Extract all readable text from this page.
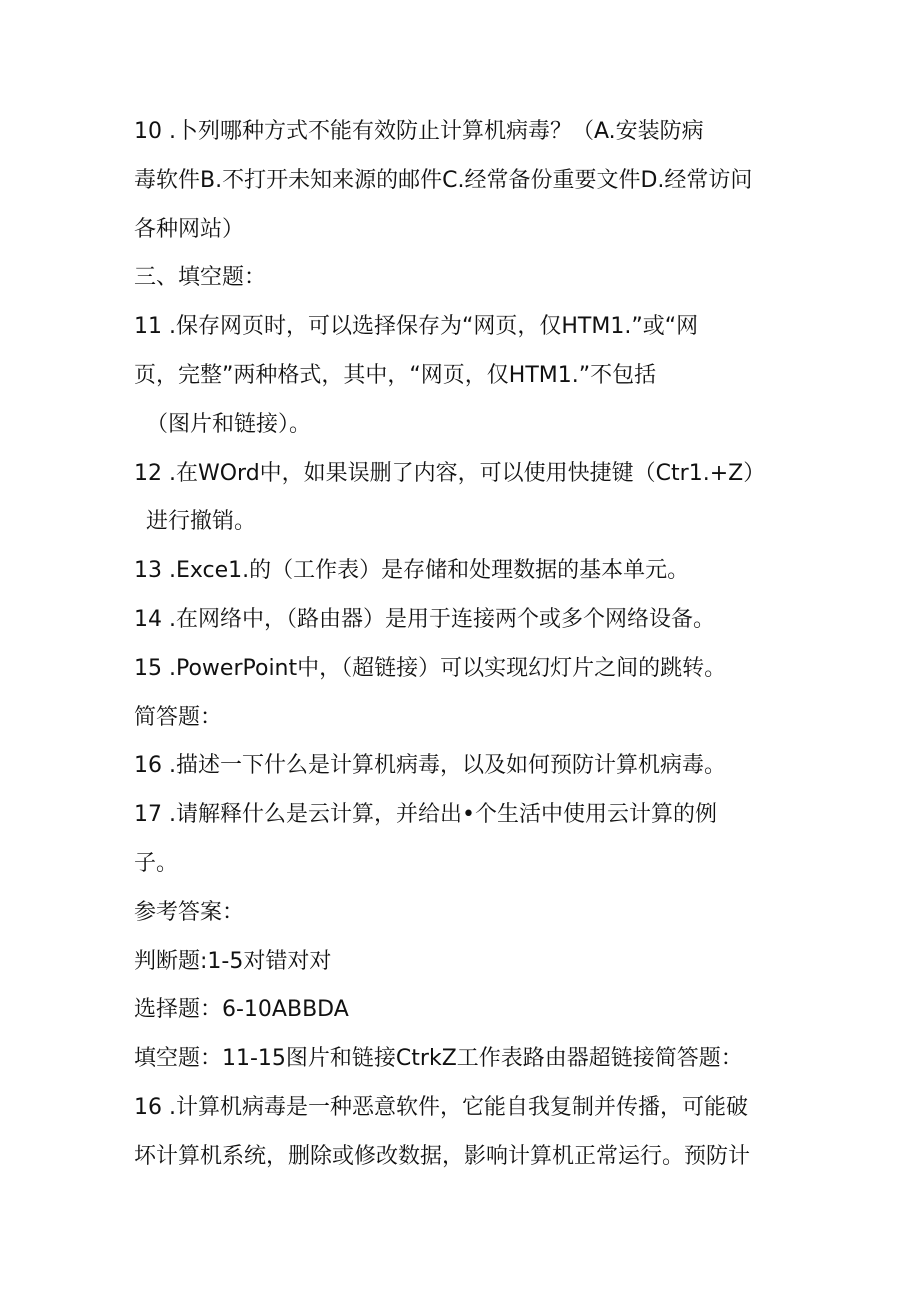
10 .卜列哪种方式不能有效防止计算机病毒？（A.安装防病
毒软件B.不打开未知来源的邮件C.经常备份重要文件D.经常访问
各种网站）
三、填空题：
11 .保存网页时，可以选择保存为“网页，仅HTM1.”或“网
页，完整”两种格式，其中，“网页，仅HTM1.”不包括
（图片和链接）。
12 .在WOrd中，如果误删了内容，可以使用快捷键（Ctr1.+Z）
进行撤销。
13 .Exce1.的（工作表）是存储和处理数据的基本单元。
14 .在网络中，（路由器）是用于连接两个或多个网络设备。
15 .PowerPoint中，（超链接）可以实现幻灯片之间的跳转。
简答题：
16 .描述一下什么是计算机病毒，以及如何预防计算机病毒。
17 .请解释什么是云计算，并给出•个生活中使用云计算的例
子。
参考答案：
判断题:1-5对错对对
选择题：6-10ABBDA
填空题：11-15图片和链接CtrkZ工作表路由器超链接简答题：
16 .计算机病毒是一种恶意软件，它能自我复制并传播，可能破
坏计算机系统，删除或修改数据，影响计算机正常运行。预防计
